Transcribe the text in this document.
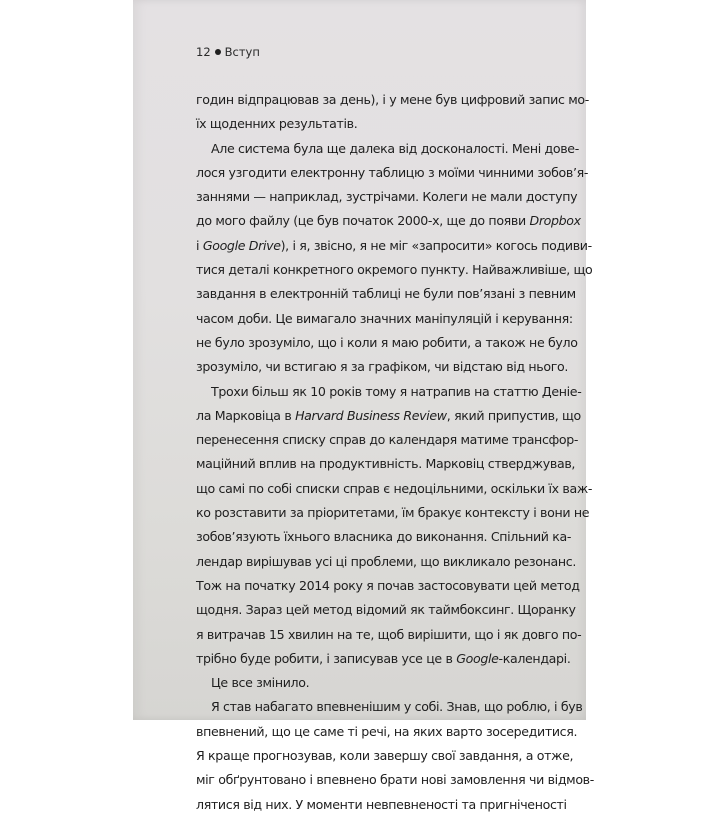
12 Вступ
годин відпрацював за день), і у мене був цифровий запис мо-
їх щоденних результатів.
Але система була ще далека від досконалості. Мені дове-
лося узгодити електронну таблицю з моїми чинними зобов’я-
заннями — наприклад, зустрічами. Колеги не мали доступу
до мого файлу (це був початок 2000-х, ще до появи Dropbox
і Google Drive), і я, звісно, я не міг «запросити» когось подиви-
тися деталі конкретного окремого пункту. Найважливіше, що
завдання в електронній таблиці не були пов’язані з певним
часом доби. Це вимагало значних маніпуляцій і керування:
не було зрозуміло, що і коли я маю робити, а також не було
зрозуміло, чи встигаю я за графіком, чи відстаю від нього.
Трохи більш як 10 років тому я натрапив на статтю Деніе-
ла Марковіца в Harvard Business Review, який припустив, що
перенесення списку справ до календаря матиме трансфор-
маційний вплив на продуктивність. Марковіц стверджував,
що самі по собі списки справ є недоцільними, оскільки їх важ-
ко розставити за пріоритетами, їм бракує контексту і вони не
зобов’язують їхнього власника до виконання. Спільний ка-
лендар вирішував усі ці проблеми, що викликало резонанс.
Тож на початку 2014 року я почав застосовувати цей метод
щодня. Зараз цей метод відомий як таймбоксинг. Щоранку
я витрачав 15 хвилин на те, щоб вирішити, що і як довго по-
трібно буде робити, і записував усе це в Google-календарі.
Це все змінило.
Я став набагато впевненішим у собі. Знав, що роблю, і був
впевнений, що це саме ті речі, на яких варто зосередитися.
Я краще прогнозував, коли завершу свої завдання, а отже,
міг обґрунтовано і впевнено брати нові замовлення чи відмов-
лятися від них. У моменти невпевненості та пригніченості
